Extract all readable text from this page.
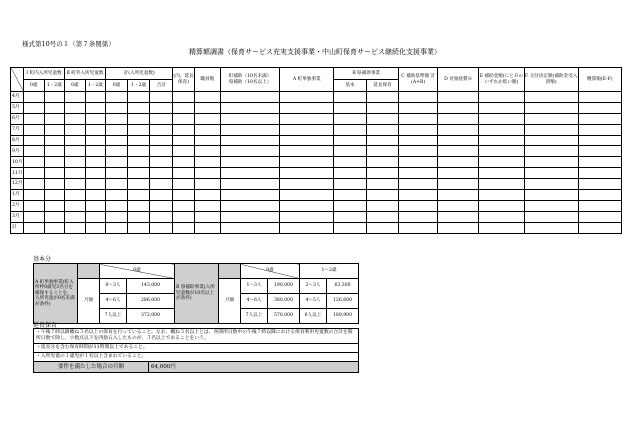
様式第10号の１（第７条関係）
精算額調書（保育サービス充実支援事業・中山町保育サービス継続化支援事業）
	Ⅰ 町内入所児童数		Ⅱ 町外入所児童数		計(入所児童数)			(内、延長保育)	職員数	町補助（10名未満）
県補助（10名以上）	A 町単独事業	B 県補助事業		C 補助基準額 計(A+B)	D 対象経費※	E 補助金額(ＣとＤのいずれか低い額)	F 交付決定額(補助金受入済額)	精算額(E-F)
	0歳	1・2歳	0歳	1・2歳	0歳	1・2歳	合計					基本	延長保育					
4月																		
5月																		
6月																		
7月																		
8月																		
9月																		
10月																		
11月																		
12月																		
1月																		
2月																		
3月																		
計																		
基本分
A 町単独事業(町入所枠0歳児3名分を確保することを、入所児童が0名未満が条件)		0歳		B 県補助事業(入所児童数が10名以上が条件)		0歳		1～2歳	
	月額	0～3人	143,000		月額	1～3人	190,000	2～3人	63,300
		4～6人	286,000			4～6人	380,000	4～5人	126,600
		7人以上	372,000			7人以上	570,000	6人以上	189,900
延長保育
・午後７時以降概ね３名以上の保育を行っていること。なお、概ね３名以上とは、各開所日数中の午後７時以降における保育利用児童数の合計を開所日数で除し、小数点以下を四捨五入したものが、３名以上であることをいう。
・延長分を含む保育時間が11時間以上であること。
・入所児童の１歳児が１名以上含まれていること。
要件を満たした場合の月額	64,000円
